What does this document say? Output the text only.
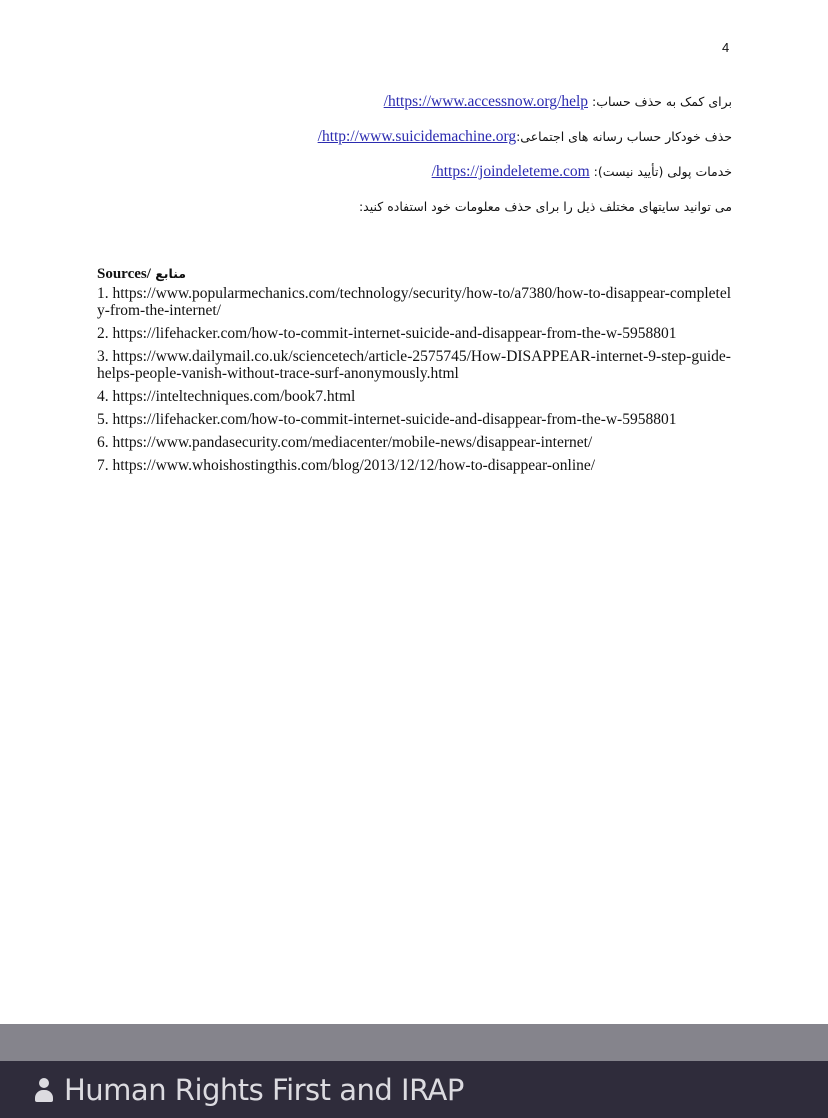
4
برای کمک به حذف حساب: https://www.accessnow.org/help/
حذف خودکار حساب رسانه های اجتماعی:http://www.suicidemachine.org/
خدمات پولی (تأیید نیست): https://joindeleteme.com/
می توانید سایتهای مختلف ذیل را برای حذف معلومات خود استفاده کنید:
Sources/ منابع
1. https://www.popularmechanics.com/technology/security/how-to/a7380/how-to-disappear-completely-from-the-internet/
2. https://lifehacker.com/how-to-commit-internet-suicide-and-disappear-from-the-w-5958801
3. https://www.dailymail.co.uk/sciencetech/article-2575745/How-DISAPPEAR-internet-9-step-guide-helps-people-vanish-without-trace-surf-anonymously.html
4. https://inteltechniques.com/book7.html
5. https://lifehacker.com/how-to-commit-internet-suicide-and-disappear-from-the-w-5958801
6. https://www.pandasecurity.com/mediacenter/mobile-news/disappear-internet/
7. https://www.whoishostingthis.com/blog/2013/12/12/how-to-disappear-online/
Human Rights First and IRAP
